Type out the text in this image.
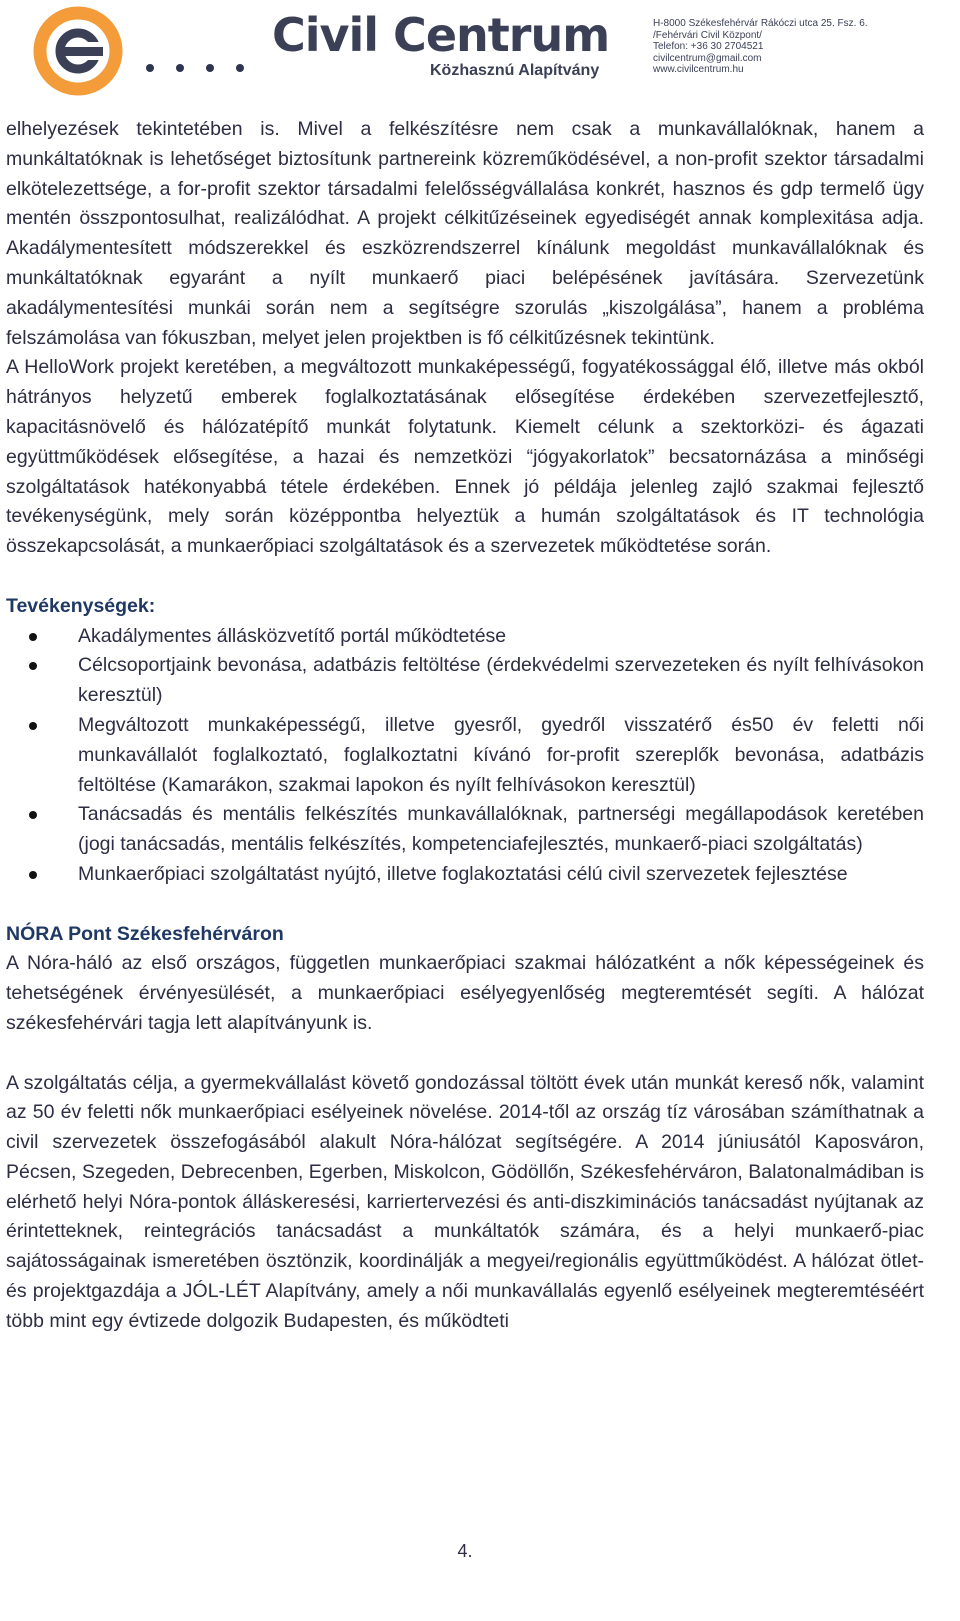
Civil Centrum
Közhasznú Alapítvány
H-8000 Székesfehérvár Rákóczi utca 25. Fsz. 6.
/Fehérvári Civil Központ/
Telefon: +36 30 2704521
civilcentrum@gmail.com
www.civilcentrum.hu

elhelyezések tekintetében is. Mivel a felkészítésre nem csak a munkavállalóknak, hanem a munkáltatóknak is lehetőséget biztosítunk partnereink közreműködésével, a non-profit szektor társadalmi elkötelezettsége, a for-profit szektor társadalmi felelősségvállalása konkrét, hasznos és gdp termelő ügy mentén összpontosulhat, realizálódhat. A projekt célkitűzéseinek egyediségét annak komplexitása adja. Akadálymentesített módszerekkel és eszközrendszerrel kínálunk megoldást munkavállalóknak és munkáltatóknak egyaránt a nyílt munkaerő piaci belépésének javítására. Szervezetünk akadálymentesítési munkái során nem a segítségre szorulás „kiszolgálása”, hanem a probléma felszámolása van fókuszban, melyet jelen projektben is fő célkitűzésnek tekintünk.

A HelloWork projekt keretében, a megváltozott munkaképességű, fogyatékossággal élő, illetve más okból hátrányos helyzetű emberek foglalkoztatásának elősegítése érdekében szervezetfejlesztő, kapacitásnövelő és hálózatépítő munkát folytatunk. Kiemelt célunk a szektorközi- és ágazati együttműködések elősegítése, a hazai és nemzetközi “jógyakorlatok” becsatornázása a minőségi szolgáltatások hatékonyabbá tétele érdekében. Ennek jó példája jelenleg zajló szakmai fejlesztő tevékenységünk, mely során középpontba helyeztük a humán szolgáltatások és IT technológia összekapcsolását, a munkaerőpiaci szolgáltatások és a szervezetek működtetése során.

Tevékenységek:

Akadálymentes állásközvetítő portál működtetése
Célcsoportjaink bevonása, adatbázis feltöltése (érdekvédelmi szervezeteken és nyílt felhívásokon keresztül)
Megváltozott munkaképességű, illetve gyesről, gyedről visszatérő és50 év feletti női munkavállalót foglalkoztató, foglalkoztatni kívánó for-profit szereplők bevonása, adatbázis feltöltése (Kamarákon, szakmai lapokon és nyílt felhívásokon keresztül)
Tanácsadás és mentális felkészítés munkavállalóknak, partnerségi megállapodások keretében (jogi tanácsadás, mentális felkészítés, kompetenciafejlesztés, munkaerő-piaci szolgáltatás)
Munkaerőpiaci szolgáltatást nyújtó, illetve foglakoztatási célú civil szervezetek fejlesztése

NÓRA Pont Székesfehérváron

A Nóra-háló az első országos, független munkaerőpiaci szakmai hálózatként a nők képességeinek és tehetségének érvényesülését, a munkaerőpiaci esélyegyenlőség megteremtését segíti. A hálózat székesfehérvári tagja lett alapítványunk is.

A szolgáltatás célja, a gyermekvállalást követő gondozással töltött évek után munkát kereső nők, valamint az 50 év feletti nők munkaerőpiaci esélyeinek növelése. 2014-től az ország tíz városában számíthatnak a civil szervezetek összefogásából alakult Nóra-hálózat segítségére. A 2014 júniusától Kaposváron, Pécsen, Szegeden, Debrecenben, Egerben, Miskolcon, Gödöllőn, Székesfehérváron, Balatonalmádiban is elérhető helyi Nóra-pontok álláskeresési, karriertervezési és anti-diszkiminációs tanácsadást nyújtanak az érintetteknek, reintegrációs tanácsadást a munkáltatók számára, és a helyi munkaerő-piac sajátosságainak ismeretében ösztönzik, koordinálják a megyei/regionális együttműködést. A hálózat ötlet- és projektgazdája a JÓL-LÉT Alapítvány, amely a női munkavállalás egyenlő esélyeinek megteremtéséért több mint egy évtizede dolgozik Budapesten, és működteti

4.
